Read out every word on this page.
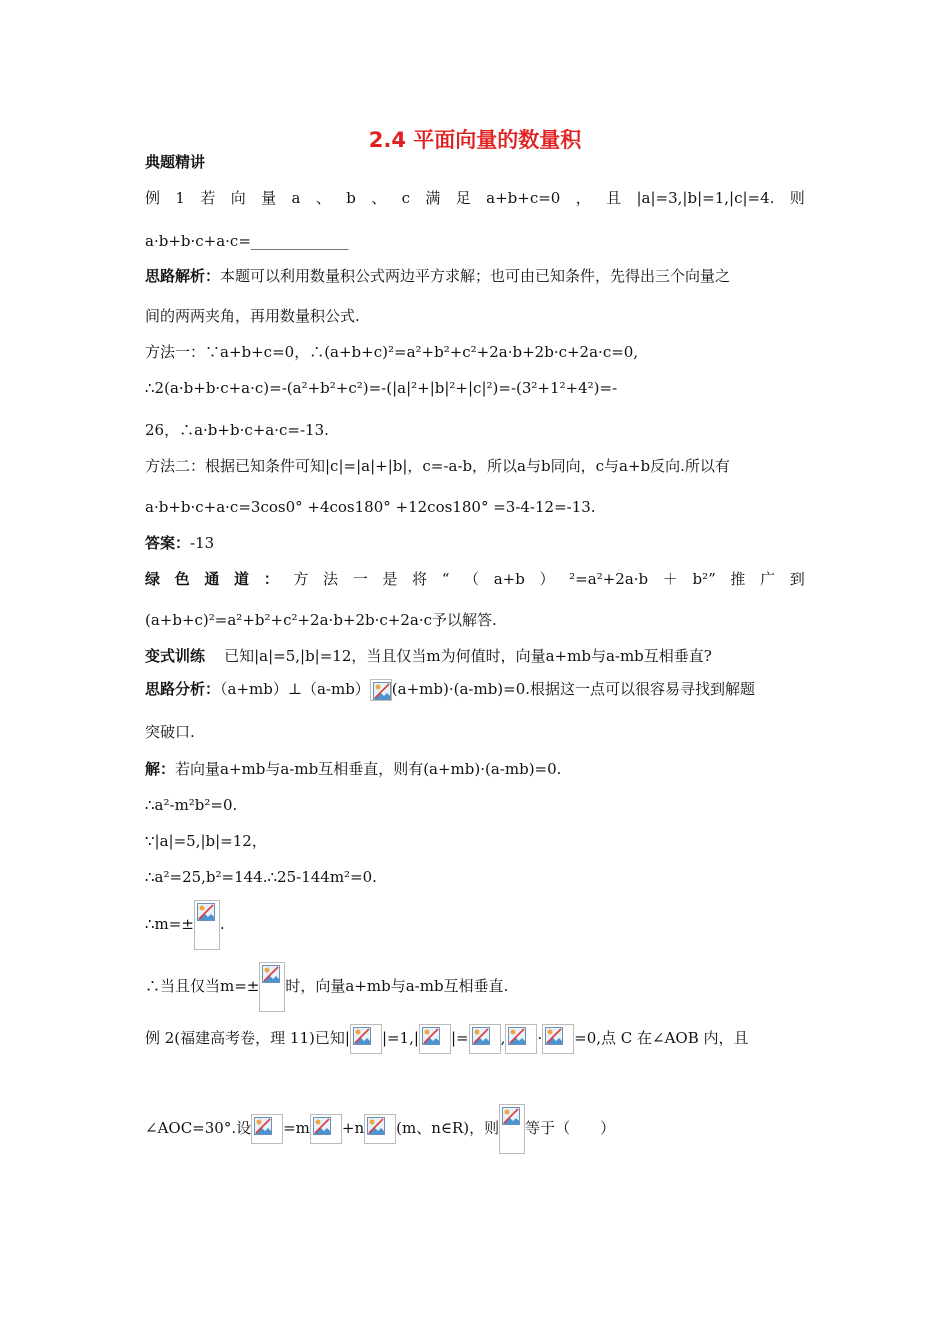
2.4 平面向量的数量积
典题精讲
例 1 若 向 量 a 、 b 、 c 满 足 a+b+c=0 ， 且 |a|=3,|b|=1,|c|=4. 则
a·b+b·c+a·c=_____________
思路解析：本题可以利用数量积公式两边平方求解；也可由已知条件，先得出三个向量之
间的两两夹角，再用数量积公式.
方法一：∵a+b+c=0，∴(a+b+c)²=a²+b²+c²+2a·b+2b·c+2a·c=0,
∴2(a·b+b·c+a·c)=-(a²+b²+c²)=-(|a|²+|b|²+|c|²)=-(3²+1²+4²)=-
26，∴a·b+b·c+a·c=-13.
方法二：根据已知条件可知|c|=|a|+|b|，c=-a-b，所以a与b同向，c与a+b反向.所以有
a·b+b·c+a·c=3cos0° +4cos180° +12cos180° =3-4-12=-13.
答案：-13
绿 色 通 道 ： 方 法 一 是 将 “ （ a+b ） ²=a²+2a·b ＋ b²” 推 广 到
(a+b+c)²=a²+b²+c²+2a·b+2b·c+2a·c予以解答.
变式训练 已知|a|=5,|b|=12，当且仅当m为何值时，向量a+mb与a-mb互相垂直?
思路分析：（a+mb）⊥（a-mb） (a+mb)·(a-mb)=0.根据这一点可以很容易寻找到解题
突破口.
解：若向量a+mb与a-mb互相垂直，则有(a+mb)·(a-mb)=0.
∴a²-m²b²=0.
∵|a|=5,|b|=12，
∴a²=25,b²=144.∴25-144m²=0.
∴m=± .
∴当且仅当m=± 时，向量a+mb与a-mb互相垂直.
例 2(福建高考卷，理 11)已知| |=1,| |= , · =0,点 C 在∠AOB 内，且
∠AOC=30°.设 =m +n (m、n∈R)，则 等于（　　）
